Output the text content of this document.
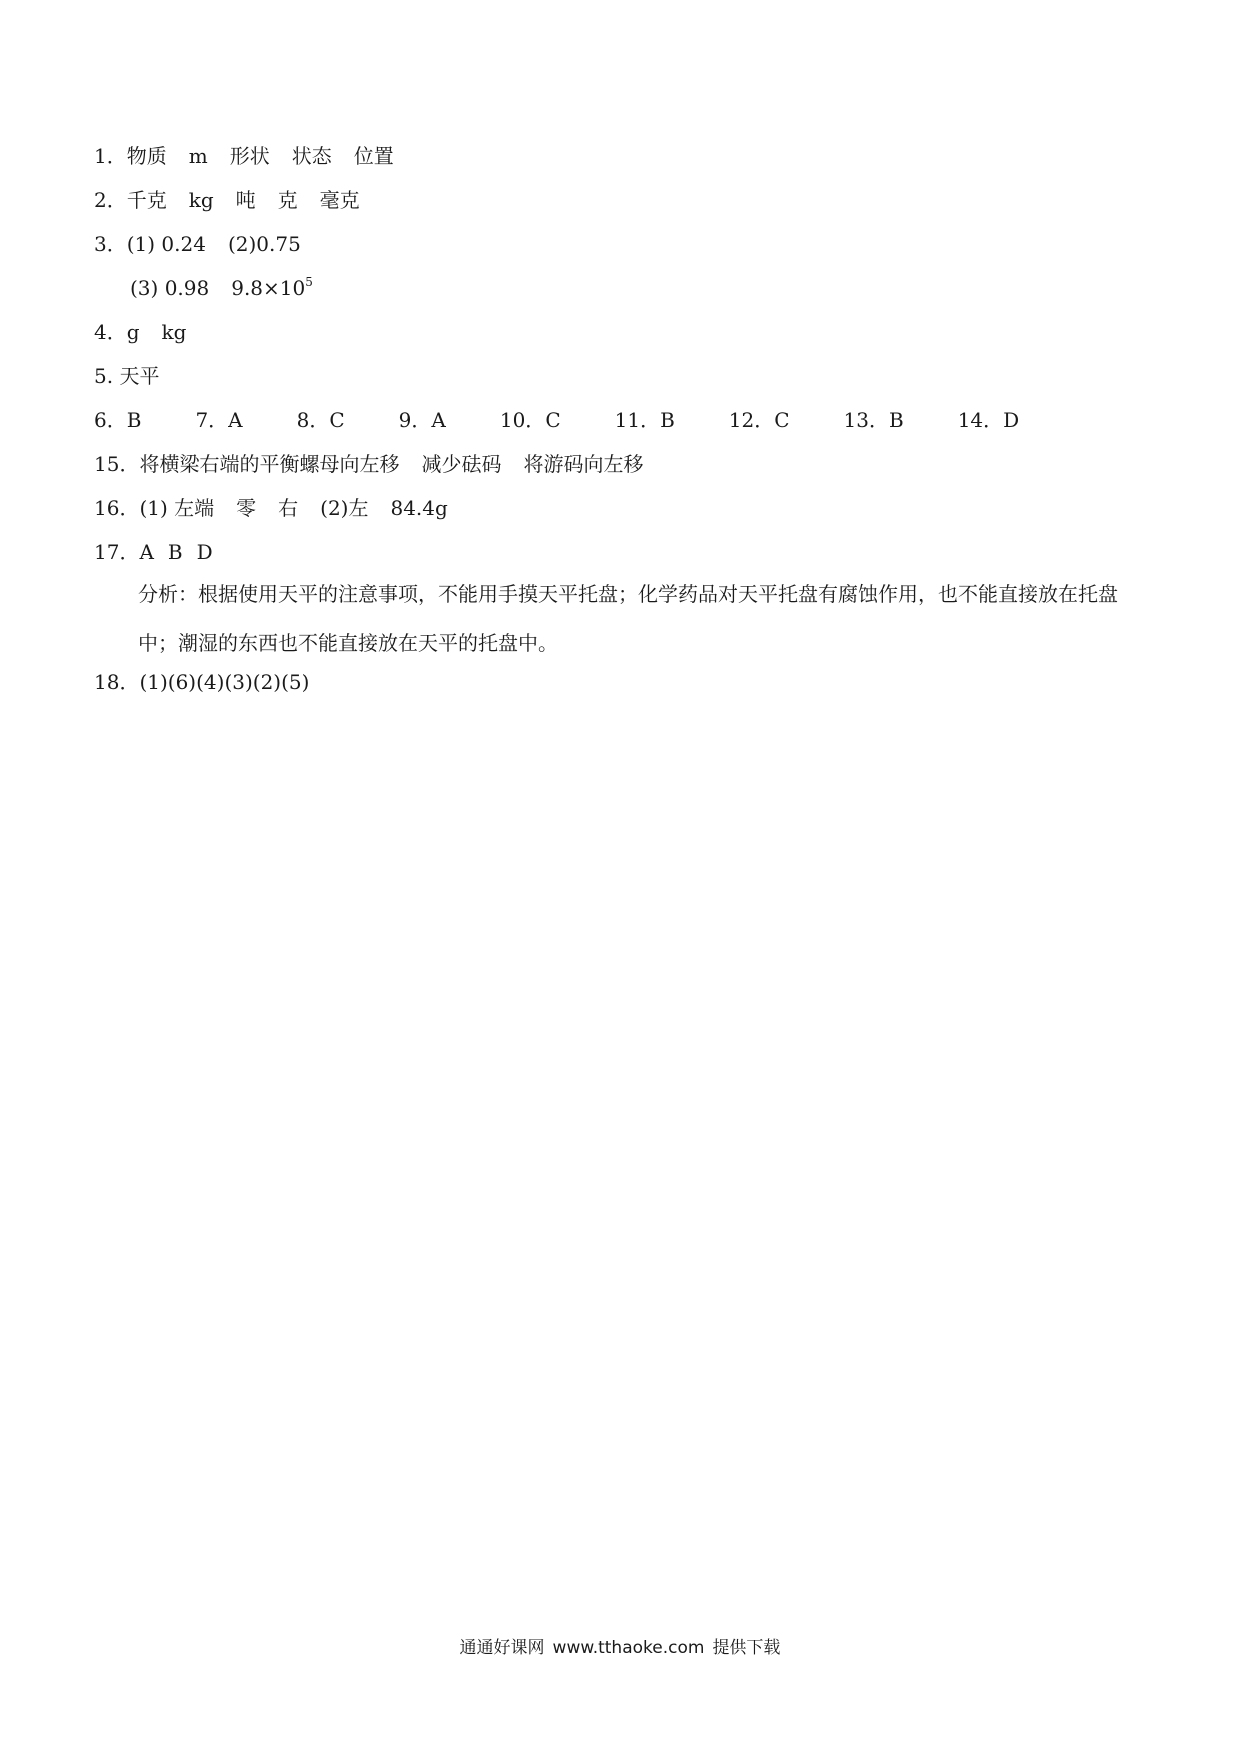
1．物质 m 形状 状态 位置
2．千克 kg 吨 克 毫克
3．(1) 0.24 (2)0.75
(3) 0.98 $9.8\times 10^5$
4．g kg
5. 天平
6．B	7．A	8．C	9．A	10．C	11．B	12．C	13．B	14．D
15．将横梁右端的平衡螺母向左移 减少砝码 将游码向左移
16．(1) 左端 零 右 (2)左 84.4g
17．A B D
分析：根据使用天平的注意事项，不能用手摸天平托盘；化学药品对天平托盘有腐蚀作用，也不能直接放在托盘中；潮湿的东西也不能直接放在天平的托盘中。
18．(1)(6)(4)(3)(2)(5)
通通好课网 www.tthaoke.com 提供下载
